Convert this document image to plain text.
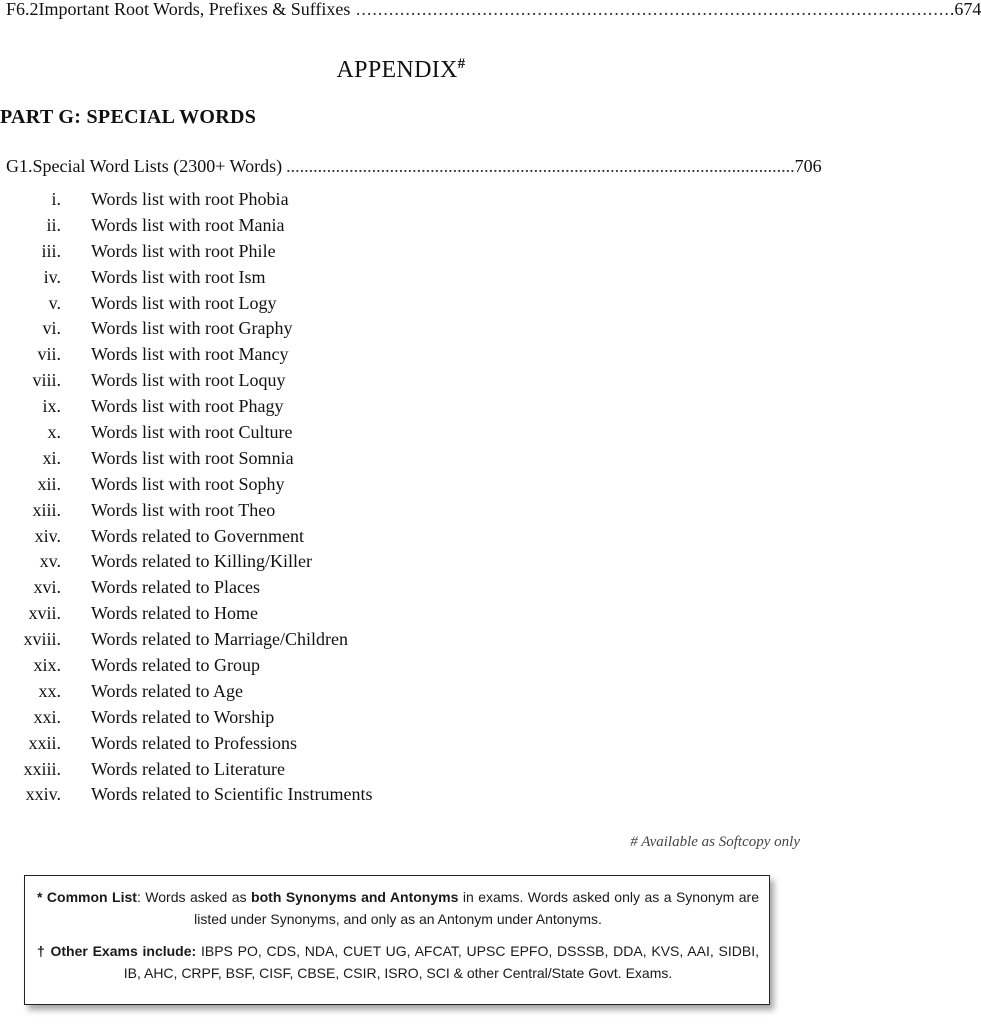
F6.2 Important Root Words, Prefixes & Suffixes ............................................................................................................ .674
APPENDIX#
PART G: SPECIAL WORDS
G1. Special Word Lists (2300+ Words) ................................................................................................................. 706
i.	Words list with root Phobia
ii.	Words list with root Mania
iii.	Words list with root Phile
iv.	Words list with root Ism
v.	Words list with root Logy
vi.	Words list with root Graphy
vii.	Words list with root Mancy
viii.	Words list with root Loquy
ix.	Words list with root Phagy
x.	Words list with root Culture
xi.	Words list with root Somnia
xii.	Words list with root Sophy
xiii.	Words list with root Theo
xiv.	Words related to Government
xv.	Words related to Killing/Killer
xvi.	Words related to Places
xvii.	Words related to Home
xviii.	Words related to Marriage/Children
xix.	Words related to Group
xx.	Words related to Age
xxi.	Words related to Worship
xxii.	Words related to Professions
xxiii.	Words related to Literature
xxiv.	Words related to Scientific Instruments
# Available as Softcopy only

* Common List: Words asked as both Synonyms and Antonyms in exams. Words asked only as a Synonym are listed under Synonyms, and only as an Antonym under Antonyms.

† Other Exams include: IBPS PO, CDS, NDA, CUET UG, AFCAT, UPSC EPFO, DSSSB, DDA, KVS, AAI, SIDBI, IB, AHC, CRPF, BSF, CISF, CBSE, CSIR, ISRO, SCI & other Central/State Govt. Exams.
